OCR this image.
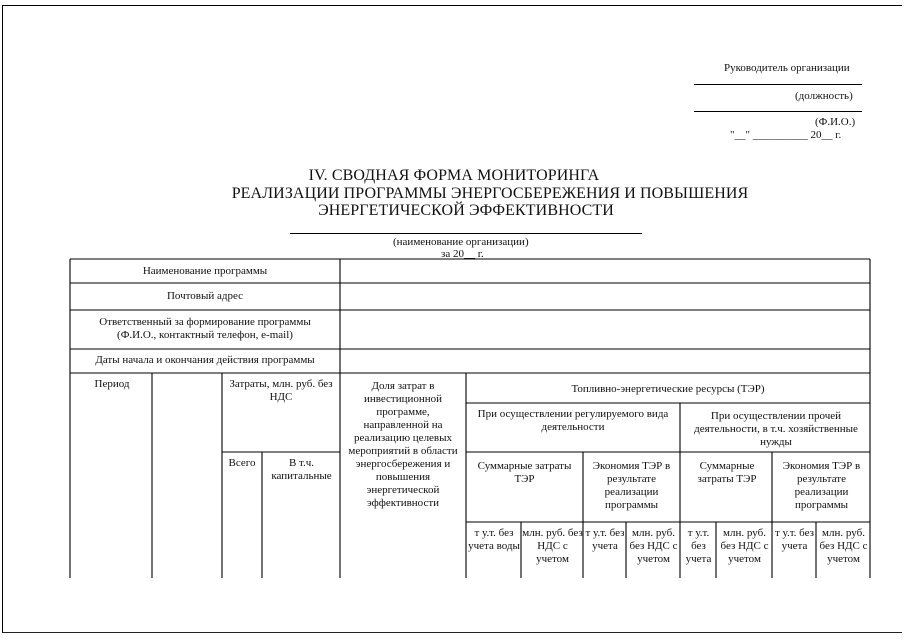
Руководитель организации
(должность)
(Ф.И.О.)
"__" __________ 20__ г.
IV. СВОДНАЯ ФОРМА МОНИТОРИНГА
РЕАЛИЗАЦИИ ПРОГРАММЫ ЭНЕРГОСБЕРЕЖЕНИЯ И ПОВЫШЕНИЯ
ЭНЕРГЕТИЧЕСКОЙ ЭФФЕКТИВНОСТИ
(наименование организации)
за 20__ г.
Наименование программы
Почтовый адрес
Ответственный за формирование программы (Ф.И.О., контактный телефон, e-mail)
Даты начала и окончания действия программы
Период	Затраты, млн. руб. без НДС
Всего	В т.ч. капитальные
Доля затрат в инвестиционной программе, направленной на реализацию целевых мероприятий в области энергосбережения и повышения энергетической эффективности
Топливно-энергетические ресурсы (ТЭР)
При осуществлении регулируемого вида деятельности
При осуществлении прочей деятельности, в т.ч. хозяйственные нужды
Суммарные затраты ТЭР
Экономия ТЭР в результате реализации программы
Суммарные затраты ТЭР
Экономия ТЭР в результате реализации программы
т у.т. без учета воды
млн. руб. без НДС с учетом
т у.т. без учета
млн. руб. без НДС с учетом
т у.т. без учета
млн. руб. без НДС с учетом
т у.т. без учета
млн. руб. без НДС с учетом
